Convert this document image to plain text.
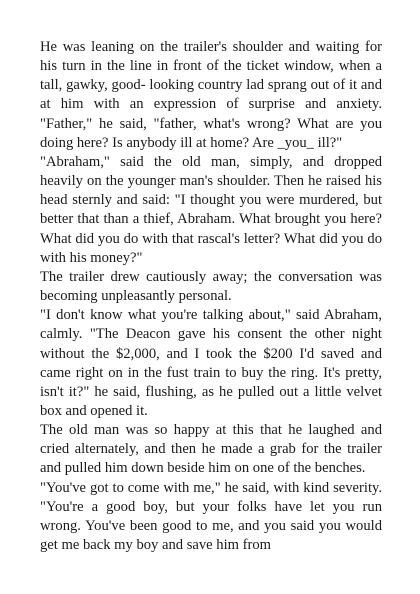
He was leaning on the trailer's shoulder and waiting for his turn in the line in front of the ticket window, when a tall, gawky, good- looking country lad sprang out of it and at him with an expression of surprise and anxiety. "Father," he said, "father, what's wrong? What are you doing here? Is anybody ill at home? Are _you_ ill?"

"Abraham," said the old man, simply, and dropped heavily on the younger man's shoulder. Then he raised his head sternly and said: "I thought you were murdered, but better that than a thief, Abraham. What brought you here? What did you do with that rascal's letter? What did you do with his money?"

The trailer drew cautiously away; the conversation was becoming unpleasantly personal.

"I don't know what you're talking about," said Abraham, calmly. "The Deacon gave his consent the other night without the $2,000, and I took the $200 I'd saved and came right on in the fust train to buy the ring. It's pretty, isn't it?" he said, flushing, as he pulled out a little velvet box and opened it.

The old man was so happy at this that he laughed and cried alternately, and then he made a grab for the trailer and pulled him down beside him on one of the benches.

"You've got to come with me," he said, with kind severity. "You're a good boy, but your folks have let you run wrong. You've been good to me, and you said you would get me back my boy and save him from
